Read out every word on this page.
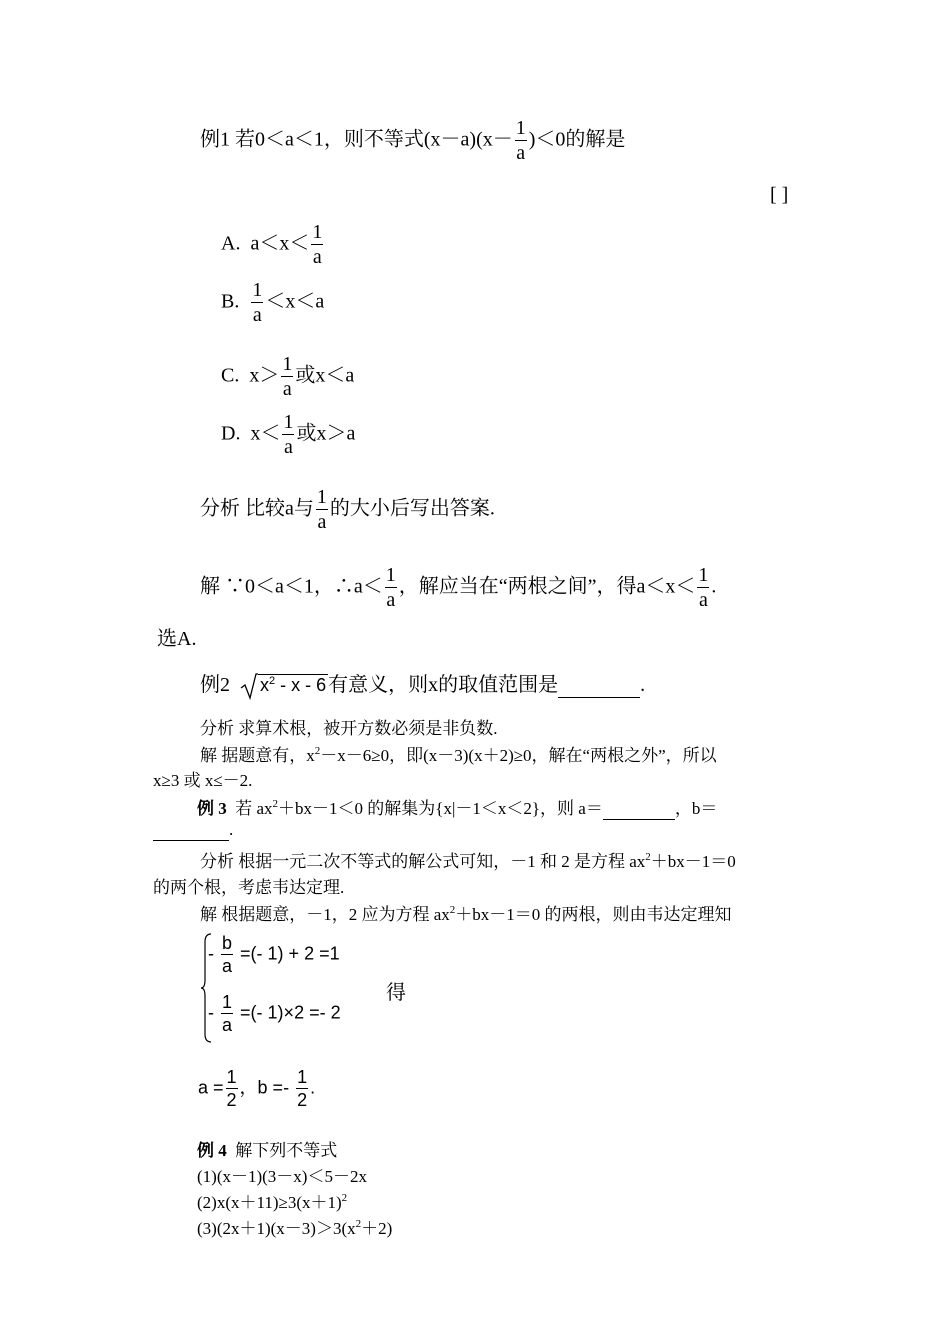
例1 若0＜a＜1，则不等式$(x-a)(x- \frac{1}{a} )<0$的解是
[ ]
A. $a<x< \frac{1}{a}$
B. $\frac{1}{a} <x<a$
C. $x> \frac{1}{a}$ 或x＜a
D. $x< \frac{1}{a}$ 或x＞a
分析 比较a与 $\frac{1}{a}$ 的大小后写出答案.
解 ∵0＜a＜1，∴a＜ $\frac{1}{a}$ ，解应当在“两根之间”，得$a<x< \frac{1}{a}$ .
选A.
例2 $x^2$ - x - 6 有意义，则x的取值范围是	.
分析 求算术根，被开方数必须是非负数.
解 据题意有，$x^2-x-6\ge 0$，即(x－3)(x＋2)≥0，解在“两根之外”，所以
x≥3 或 x≤－2.
例 3 若 $ax^2+bx-1<0$ 的解集为{x|－1＜x＜2}，则 a＝	，b＝
.
分析 根据一元二次不等式的解公式可知，－1 和 2 是方程 $ax^2+bx-1=0$
的两个根，考虑韦达定理.
解 根据题意，－1，2 应为方程 $ax^2+bx-1=0$ 的两根，则由韦达定理知
- $\frac{b}{a}$ =(- 1) + 2 =1
- $\frac{1}{a}$ =(- 1)×2 =- 2
得
$a = \frac{1}{2}$ ，$b =- \frac{1}{2}$ .
例 4 解下列不等式
(1)(x－1)(3－x)＜5－2x
$(2)x(x+11)\ge 3(x+1)^2$
$(3)(2x+1)(x-3)>3(x^2+2)$
